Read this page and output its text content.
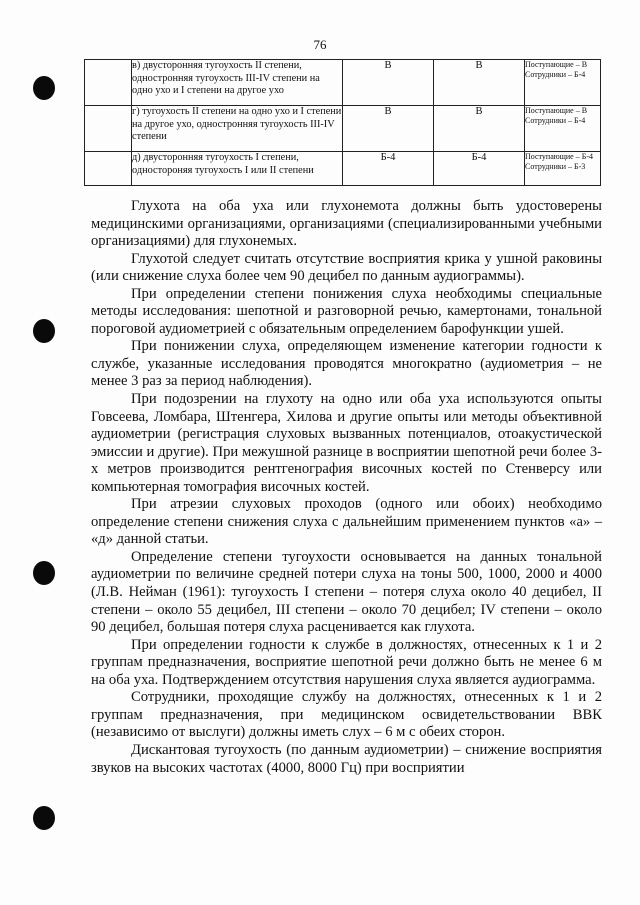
76
	в) двусторонняя тугоухость II степени, одностронняя тугоухость III-IV степени на одно ухо и I степени на другое ухо	В	В	Поступающие – В
Сотрудники – Б-4

	г) тугоухость II степени на одно ухо и I степени на другое ухо, одностронняя тугоухость III-IV степени	В	В	Поступающие – В
Сотрудники – Б-4

	д) двусторонняя тугоухость I степени, одностороняя тугоухость I или II степени	Б-4	Б-4	Поступающие – Б-4
Сотрудники – Б-3

Глухота на оба уха или глухонемота должны быть удостоверены медицинскими организациями, организациями (специализированными учебными организациями) для глухонемых.

Глухотой следует считать отсутствие восприятия крика у ушной раковины (или снижение слуха более чем 90 децибел по данным аудиограммы).

При определении степени понижения слуха необходимы специальные методы исследования: шепотной и разговорной речью, камертонами, тональной пороговой аудиометрией с обязательным определением барофункции ушей.

При понижении слуха, определяющем изменение категории годности к службе, указанные исследования проводятся многократно (аудиометрия – не менее 3 раз за период наблюдения).

При подозрении на глухоту на одно или оба уха используются опыты Говсеева, Ломбара, Штенгера, Хилова и другие опыты или методы объективной аудиометрии (регистрация слуховых вызванных потенциалов, отоакустической эмиссии и другие). При межушной разнице в восприятии шепотной речи более 3-х метров производится рентгенография височных костей по Стенверсу или компьютерная томография височных костей.

При атрезии слуховых проходов (одного или обоих) необходимо определение степени снижения слуха с дальнейшим применением пунктов «а» – «д» данной статьи.

Определение степени тугоухости основывается на данных тональной аудиометрии по величине средней потери слуха на тоны 500, 1000, 2000 и 4000 (Л.В. Нейман (1961): тугоухость I степени – потеря слуха около 40 децибел, II степени – около 55 децибел, III степени – около 70 децибел; IV степени – около 90 децибел, большая потеря слуха расценивается как глухота.

При определении годности к службе в должностях, отнесенных к 1 и 2 группам предназначения, восприятие шепотной речи должно быть не менее 6 м на оба уха. Подтверждением отсутствия нарушения слуха является аудиограмма.

Сотрудники, проходящие службу на должностях, отнесенных к 1 и 2 группам предназначения, при медицинском освидетельствовании ВВК (независимо от выслуги) должны иметь слух – 6 м с обеих сторон.

Дискантовая тугоухость (по данным аудиометрии) – снижение восприятия звуков на высоких частотах (4000, 8000 Гц) при восприятии
